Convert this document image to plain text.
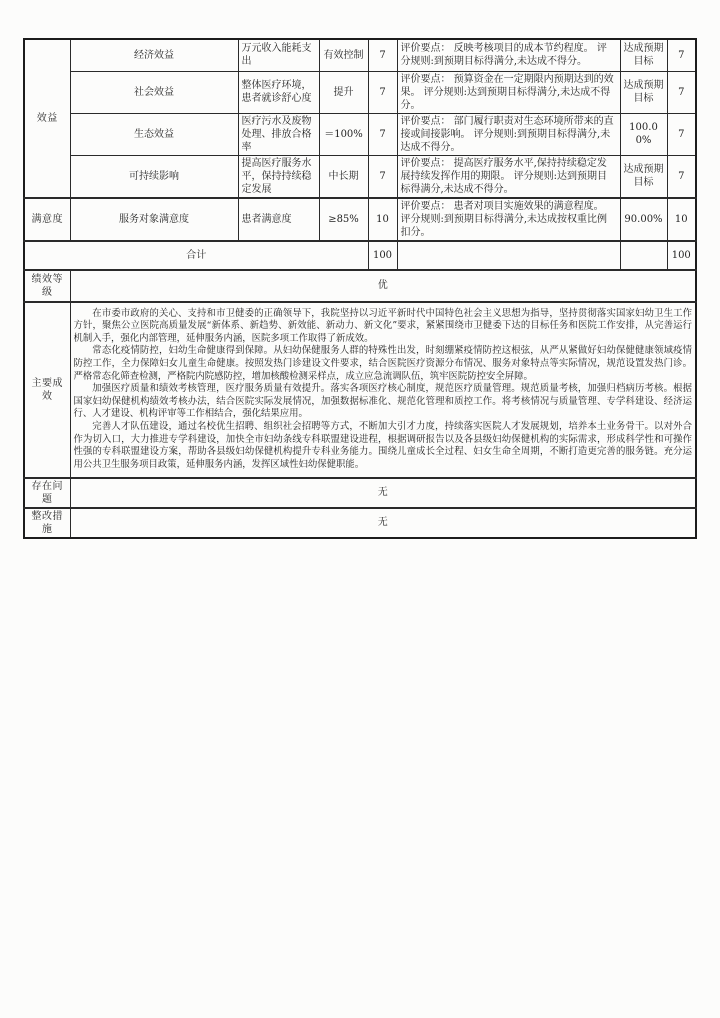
效益	经济效益	万元收入能耗支出	有效控制	7	评价要点： 反映考核项目的成本节约程度。 评分规则:到预期目标得满分,未达成不得分。	达成预期目标	7
	社会效益	整体医疗环境，患者就诊舒心度	提升	7	评价要点： 预算资金在一定期限内预期达到的效果。 评分规则:达到预期目标得满分,未达成不得分。	达成预期目标	7
	生态效益	医疗污水及废物处理、排放合格率	＝100%	7	评价要点： 部门履行职责对生态环境所带来的直接或间接影响。 评分规则:到预期目标得满分,未达成不得分。	100.00%	7
	可持续影响	提高医疗服务水平，保持持续稳定发展	中长期	7	评价要点： 提高医疗服务水平,保持持续稳定发展持续发挥作用的期限。 评分规则:达到预期目标得满分,未达成不得分。	达成预期目标	7
满意度	服务对象满意度	患者满意度	≥85%	10	评价要点： 患者对项目实施效果的满意程度。 评分规则:到预期目标得满分,未达成按权重比例扣分。	90.00%	10
合计				100			100
绩效等级	优						
主要成效	在市委市政府的关心、支持和市卫健委的正确领导下，我院坚持以习近平新时代中国特色社会主义思想为指导，坚持贯彻落实国家妇幼卫生工作方针，聚焦公立医院高质量发展“新体系、新趋势、新效能、新动力、新文化”要求，紧紧围绕市卫健委下达的目标任务和医院工作安排，从完善运行机制入手，强化内部管理，延伸服务内涵，医院多项工作取得了新成效。

常态化疫情防控，妇幼生命健康得到保障。从妇幼保健服务人群的特殊性出发，时刻绷紧疫情防控这根弦，从严从紧做好妇幼保健健康领域疫情防控工作，全力保障妇女儿童生命健康。按照发热门诊建设文件要求，结合医院医疗资源分布情况、服务对象特点等实际情况，规范设置发热门诊。严格常态化筛查检测，严格院内院感防控，增加核酸检测采样点，成立应急流调队伍，筑牢医院防控安全屏障。

加强医疗质量和绩效考核管理，医疗服务质量有效提升。落实各项医疗核心制度，规范医疗质量管理。规范质量考核，加强归档病历考核。根据国家妇幼保健机构绩效考核办法，结合医院实际发展情况，加强数据标准化、规范化管理和质控工作。将考核情况与质量管理、专学科建设、经济运行、人才建设、机构评审等工作相结合，强化结果应用。

完善人才队伍建设，通过名校优生招聘、组织社会招聘等方式，不断加大引才力度，持续落实医院人才发展规划，培养本土业务骨干。以对外合作为切入口，大力推进专学科建设，加快全市妇幼条线专科联盟建设进程，根据调研报告以及各县级妇幼保健机构的实际需求，形成科学性和可操作性强的专科联盟建设方案，帮助各县级妇幼保健机构提升专科业务能力。围绕儿童成长全过程、妇女生命全周期，不断打造更完善的服务链。充分运用公共卫生服务项目政策，延伸服务内涵，发挥区域性妇幼保健职能。						

存在问题	无						
整改措施	无						
